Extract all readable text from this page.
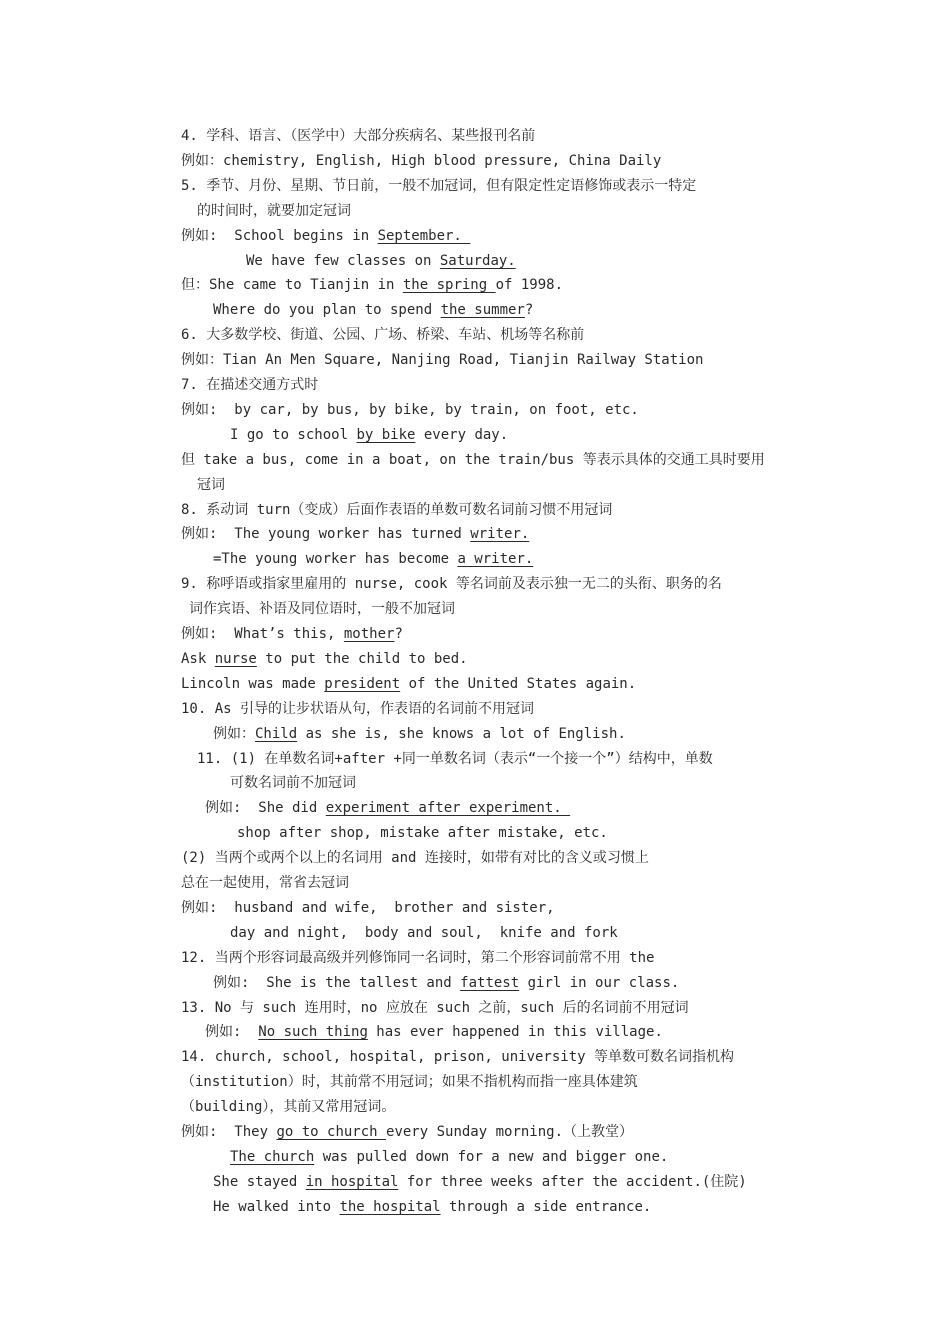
4. 学科、语言、（医学中）大部分疾病名、某些报刊名前
例如：chemistry, English, High blood pressure, China Daily
5. 季节、月份、星期、节日前，一般不加冠词，但有限定性定语修饰或表示一特定
的时间时，就要加定冠词
例如:  School begins in September.
We have few classes on Saturday.
但：She came to Tianjin in the spring of 1998.
Where do you plan to spend the summer?
6. 大多数学校、街道、公园、广场、桥梁、车站、机场等名称前
例如：Tian An Men Square, Nanjing Road, Tianjin Railway Station
7. 在描述交通方式时
例如:  by car, by bus, by bike, by train, on foot, etc.
I go to school by bike every day.
但 take a bus, come in a boat, on the train/bus 等表示具体的交通工具时要用
冠词
8. 系动词 turn（变成）后面作表语的单数可数名词前习惯不用冠词
例如:  The young worker has turned writer.
=The young worker has become a writer.
9. 称呼语或指家里雇用的 nurse, cook 等名词前及表示独一无二的头衔、职务的名
词作宾语、补语及同位语时，一般不加冠词
例如:  What’s this, mother?
Ask nurse to put the child to bed.
Lincoln was made president of the United States again.
10. As 引导的让步状语从句，作表语的名词前不用冠词
例如：Child as she is, she knows a lot of English.
11. (1) 在单数名词+after +同一单数名词（表示“一个接一个”）结构中，单数
可数名词前不加冠词
例如:  She did experiment after experiment.
shop after shop, mistake after mistake, etc.
(2) 当两个或两个以上的名词用 and 连接时，如带有对比的含义或习惯上
总在一起使用，常省去冠词
例如:  husband and wife,  brother and sister,
day and night,  body and soul,  knife and fork
12. 当两个形容词最高级并列修饰同一名词时，第二个形容词前常不用 the
例如:  She is the tallest and fattest girl in our class.
13. No 与 such 连用时，no 应放在 such 之前，such 后的名词前不用冠词
例如:  No such thing has ever happened in this village.
14. church, school, hospital, prison, university 等单数可数名词指机构
（institution）时，其前常不用冠词；如果不指机构而指一座具体建筑
（building），其前又常用冠词。
例如:  They go to church every Sunday morning.（上教堂）
The church was pulled down for a new and bigger one.
She stayed in hospital for three weeks after the accident.(住院)
He walked into the hospital through a side entrance.
